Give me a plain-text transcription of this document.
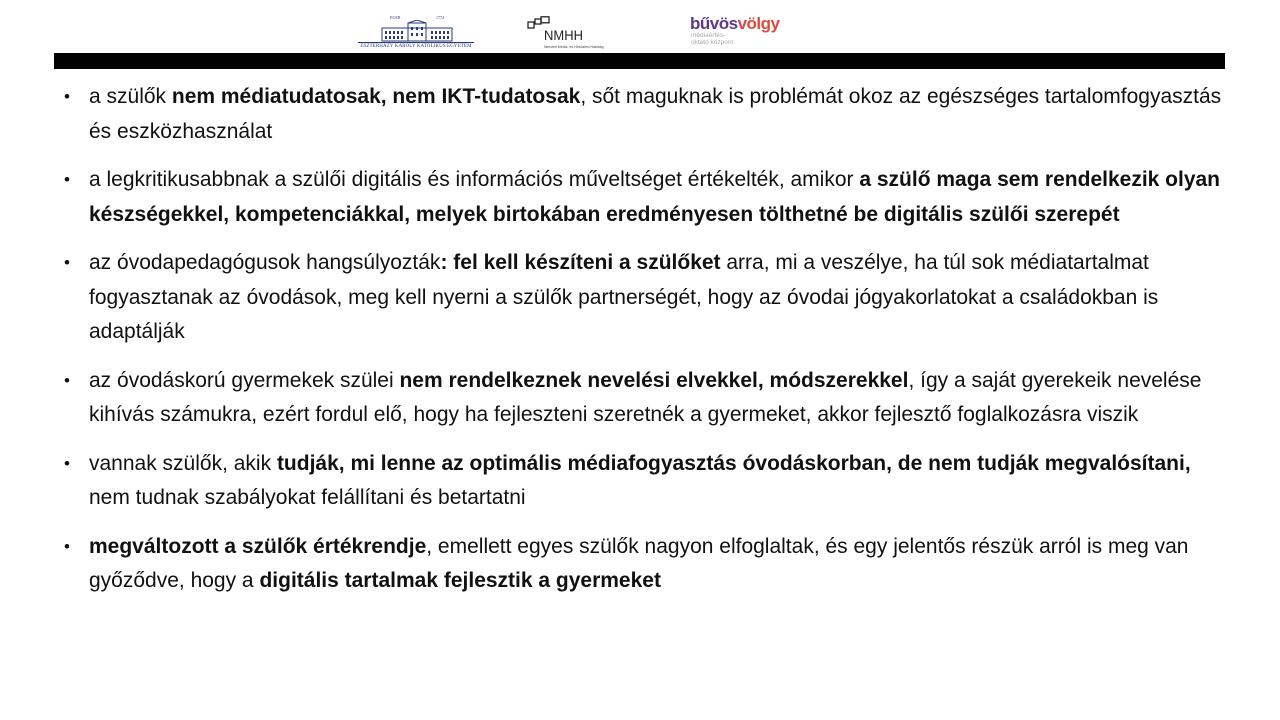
EGER	1774
ESZTERHÁZY KÁROLY KATOLIKUS EGYETEM
NMHH
Nemzeti Média- és Hírközlési Hatóság
bűvösvölgy
médiaértés-
oktató központ
• a szülők nem médiatudatosak, nem IKT-tudatosak, sőt maguknak is problémát okoz az egészséges tartalomfogyasztás és eszközhasználat
• a legkritikusabbnak a szülői digitális és információs műveltséget értékelték, amikor a szülő maga sem rendelkezik olyan készségekkel, kompetenciákkal, melyek birtokában eredményesen tölthetné be digitális szülői szerepét
• az óvodapedagógusok hangsúlyozták: fel kell készíteni a szülőket arra, mi a veszélye, ha túl sok médiatartalmat fogyasztanak az óvodások, meg kell nyerni a szülők partnerségét, hogy az óvodai jógyakorlatokat a családokban is adaptálják
• az óvodáskorú gyermekek szülei nem rendelkeznek nevelési elvekkel, módszerekkel, így a saját gyerekeik nevelése kihívás számukra, ezért fordul elő, hogy ha fejleszteni szeretnék a gyermeket, akkor fejlesztő foglalkozásra viszik
• vannak szülők, akik tudják, mi lenne az optimális médiafogyasztás óvodáskorban, de nem tudják megvalósítani, nem tudnak szabályokat felállítani és betartatni
• megváltozott a szülők értékrendje, emellett egyes szülők nagyon elfoglaltak, és egy jelentős részük arról is meg van győződve, hogy a digitális tartalmak fejlesztik a gyermeket
